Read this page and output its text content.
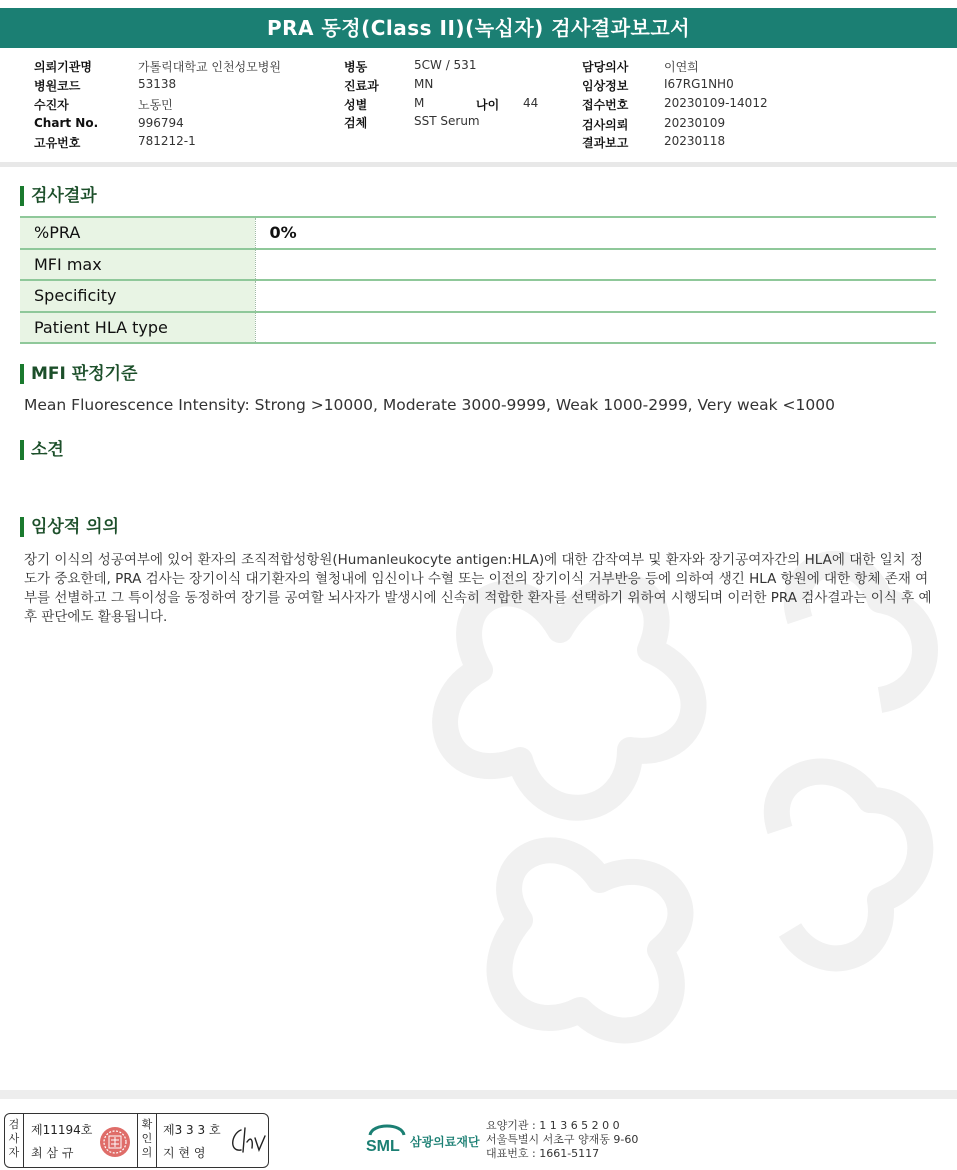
PRA 동정(Class II)(녹십자) 검사결과보고서
의뢰기관명	가톨릭대학교 인천성모병원
병원코드	53138
수진자	노동민
Chart No.	996794
고유번호	781212-1
병동	5CW / 531
진료과	MN
성별	M	나이 44
검체	SST Serum
담당의사	이연희
임상정보	I67RG1NH0
접수번호	20230109-14012
검사의뢰	20230109
결과보고	20230118
검사결과
%PRA	0%
MFI max	
Specificity	
Patient HLA type	
MFI 판정기준
Mean Fluorescence Intensity: Strong >10000, Moderate 3000-9999, Weak 1000-2999, Very weak <1000
소견
임상적 의의
장기 이식의 성공여부에 있어 환자의 조직적합성항원(Humanleukocyte antigen:HLA)에 대한 감작여부 및 환자와 장기공여자간의 HLA에 대한 일치 정도가 중요한데, PRA 검사는 장기이식 대기환자의 혈청내에 임신이나 수혈 또는 이전의 장기이식 거부반응 등에 의하여 생긴 HLA 항원에 대한 항체 존재 여부를 선별하고 그 특이성을 동정하여 장기를 공여할 뇌사자가 발생시에 신속히 적합한 환자를 선택하기 위하여 시행되며 이러한 PRA 검사결과는 이식 후 예후 판단에도 활용됩니다.
검사자
제11194호
최 삼 규
확인의
제3 3 3 호
지 현 영	SML 삼광의료재단
요양기관 : 1 1 3 6 5 2 0 0
서울특별시 서초구 양재동 9-60
대표번호 : 1661-5117
